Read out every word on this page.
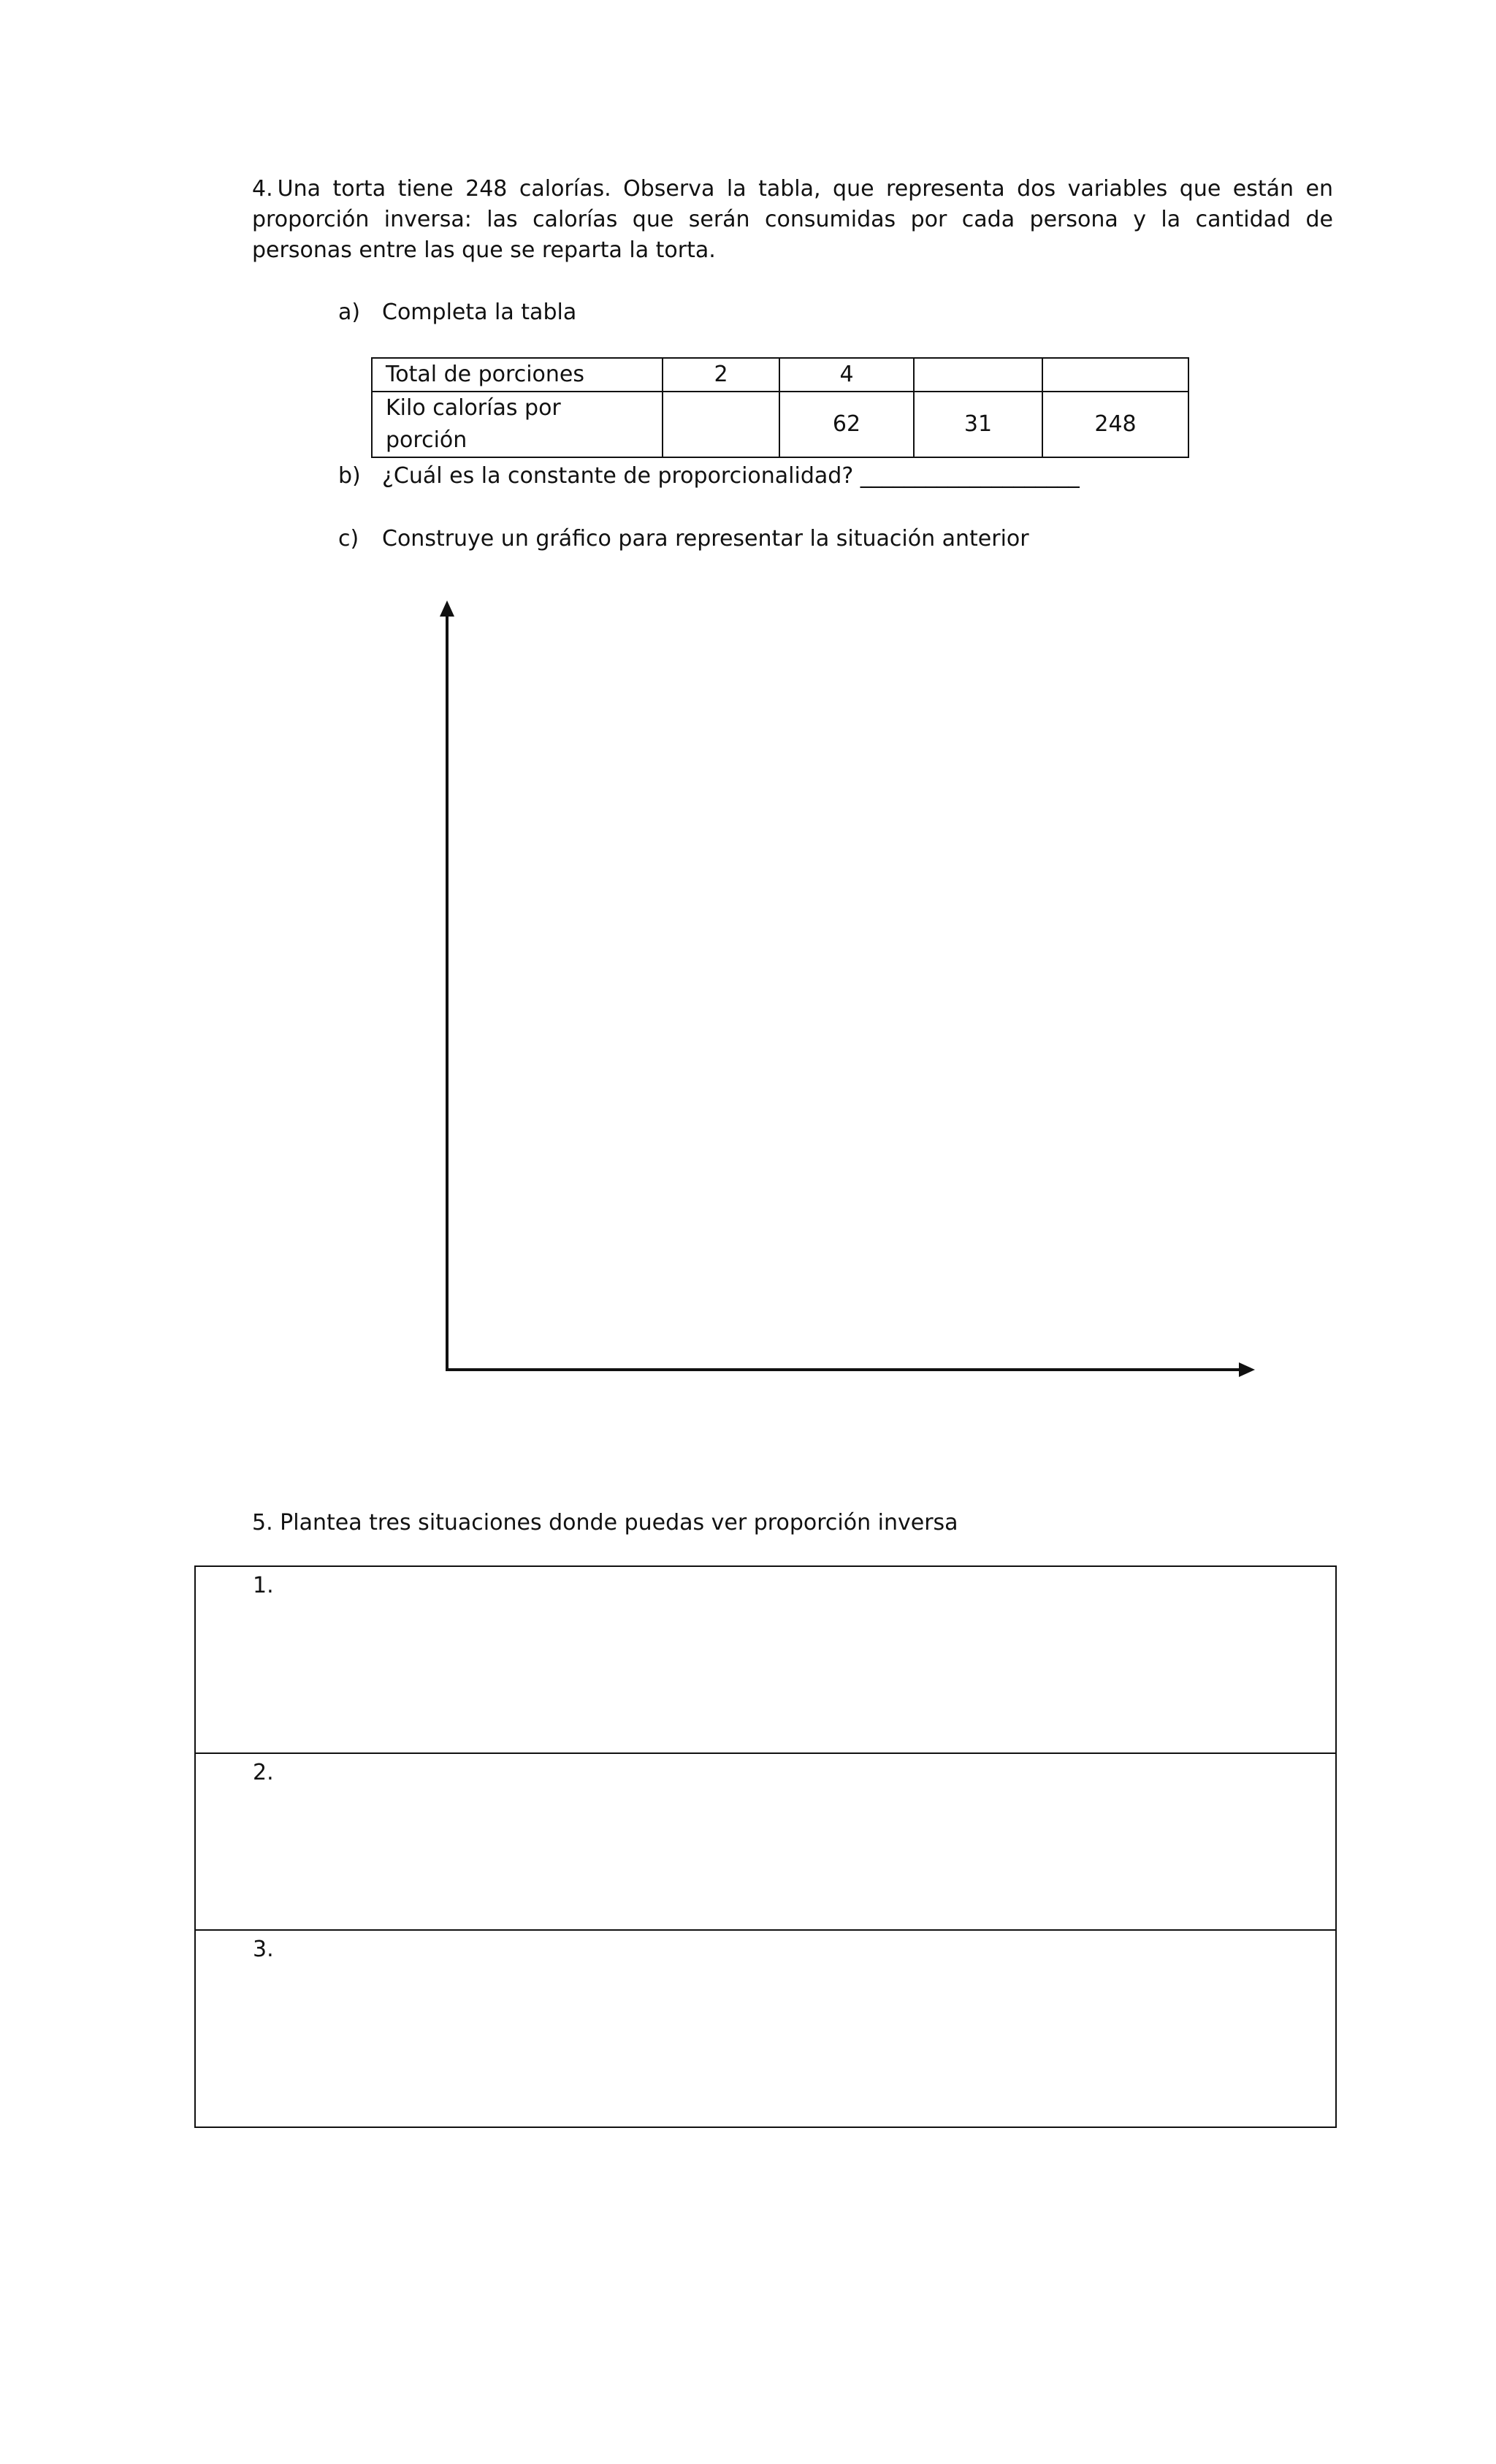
4. Una torta tiene 248 calorías. Observa la tabla, que representa dos variables que están en proporción inversa: las calorías que serán consumidas por cada persona y la cantidad de personas entre las que se reparta la torta.
a) Completa la tabla
Total de porciones	2	4		
Kilo calorías por porción		62	31	248
b) ¿Cuál es la constante de proporcionalidad? ____________________
c) Construye un gráfico para representar la situación anterior
5. Plantea tres situaciones donde puedas ver proporción inversa
1.
2.
3.
